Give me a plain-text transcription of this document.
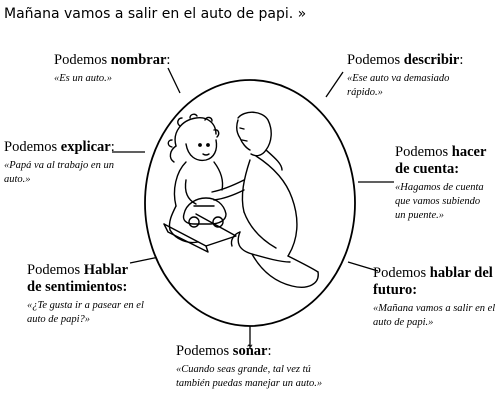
Mañana vamos a salir en el auto de papi. »
Podemos nombrar:
«Es un auto.»
Podemos describir:
«Ese auto va demasiado rápido.»
Podemos explicar:
«Papá va al trabajo en un auto.»
Podemos hacer de cuenta:
«Hagamos de cuenta que vamos subiendo un puente.»
Podemos Hablar de sentimientos:
«¿Te gusta ir a pasear en el auto de papi?»
Podemos hablar del futuro:
«Mañana vamos a salir en el auto de papi.»
Podemos soñar:
«Cuando seas grande, tal vez tú también puedas manejar un auto.»
